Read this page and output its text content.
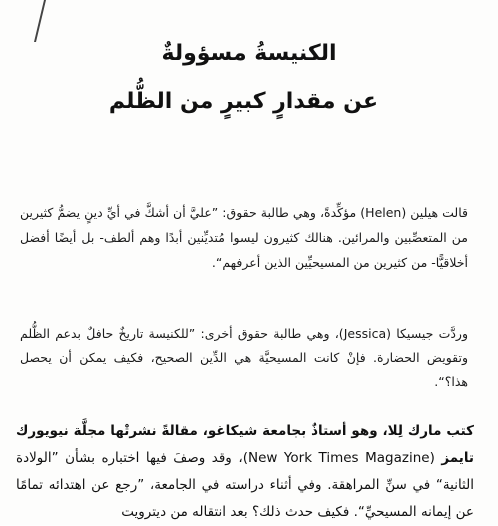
الكنيسةُ مسؤولةٌ
عن مقدارٍ كبيرٍ من الظُّلم
قالت هيلين (Helen) مؤكِّدةً، وهي طالبة حقوق: ”عليَّ أن أشكَّ في أيِّ دينٍ يضمُّ كثيرين من المتعصِّبين والمرائين. هنالك كثيرون ليسوا مُتديِّنين أبدًا وهم ألطف- بل أيضًا أفضل أخلاقيًّا- من كثيرين من المسيحيِّين الذين أعرفهم“.
وردَّت جيسيكا (Jessica)، وهي طالبة حقوق أخرى: ”للكنيسة تاريخٌ حافلٌ بدعم الظُّلم وتقويض الحضارة. فإنْ كانت المسيحيَّة هي الدِّين الصحيح، فكيف يمكن أن يحصل هذا؟“.
كتب مارك لِلا، وهو أستاذٌ بجامعة شيكاغو، مقالةً نشرتْها مجلَّة نيويورك تايمز (New York Times Magazine)، وقد وصفَ فيها اختباره بشأن ”الولادة الثانية“ في سنِّ المراهقة. وفي أثناء دراسته في الجامعة، ”رجع عن اهتدائه تمامًا عن إيمانه المسيحيِّ“. فكيف حدث ذلك؟ بعد انتقاله من ديترويت
